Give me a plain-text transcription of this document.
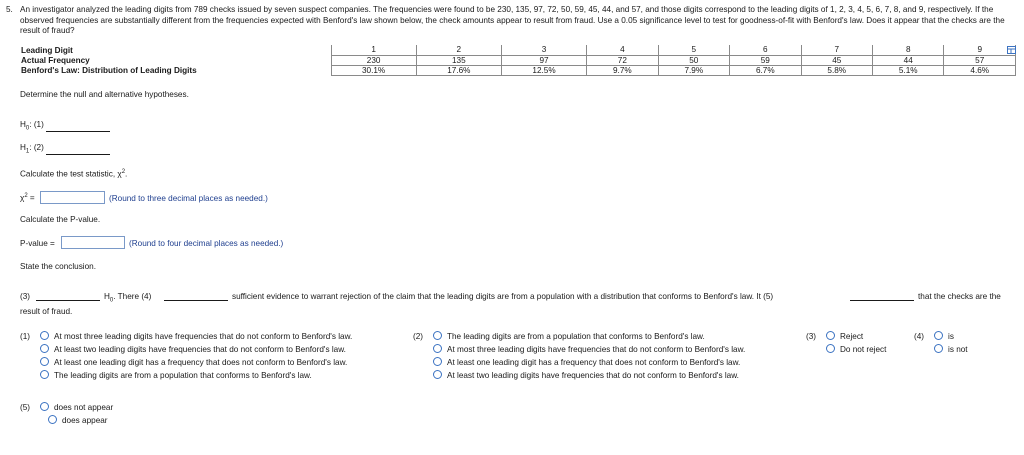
5. An investigator analyzed the leading digits from 789 checks issued by seven suspect companies. The frequencies were found to be 230, 135, 97, 72, 50, 59, 45, 44, and 57, and those digits correspond to the leading digits of 1, 2, 3, 4, 5, 6, 7, 8, and 9, respectively. If the observed frequencies are substantially different from the frequencies expected with Benford's law shown below, the check amounts appear to result from fraud. Use a 0.05 significance level to test for goodness-of-fit with Benford's law. Does it appear that the checks are the result of fraud?
Leading Digit	1	2	3	4	5	6	7	8	9
Actual Frequency	230	135	97	72	50	59	45	44	57
Benford's Law: Distribution of Leading Digits	30.1%	17.6%	12.5%	9.7%	7.9%	6.7%	5.8%	5.1%	4.6%
Determine the null and alternative hypotheses.
$H_0$: (1)
$H_1$: (2)
Calculate the test statistic, $\chi^2$.
$\chi^2$ =	(Round to three decimal places as needed.)
Calculate the P-value.
P-value =	(Round to four decimal places as needed.)
State the conclusion.
(3)	$H_0$. There (4)	sufficient evidence to warrant rejection of the claim that the leading digits are from a population with a distribution that conforms to Benford's law. It (5)	that the checks are the
result of fraud.
(1)	At most three leading digits have frequencies that do not conform to Benford's law.
At least two leading digits have frequencies that do not conform to Benford's law.
At least one leading digit has a frequency that does not conform to Benford's law.
The leading digits are from a population that conforms to Benford's law.
(2)	The leading digits are from a population that conforms to Benford's law.
At most three leading digits have frequencies that do not conform to Benford's law.
At least one leading digit has a frequency that does not conform to Benford's law.
At least two leading digits have frequencies that do not conform to Benford's law.
(3)	Reject
Do not reject
(4)	is
is not
(5)	does not appear
does appear
